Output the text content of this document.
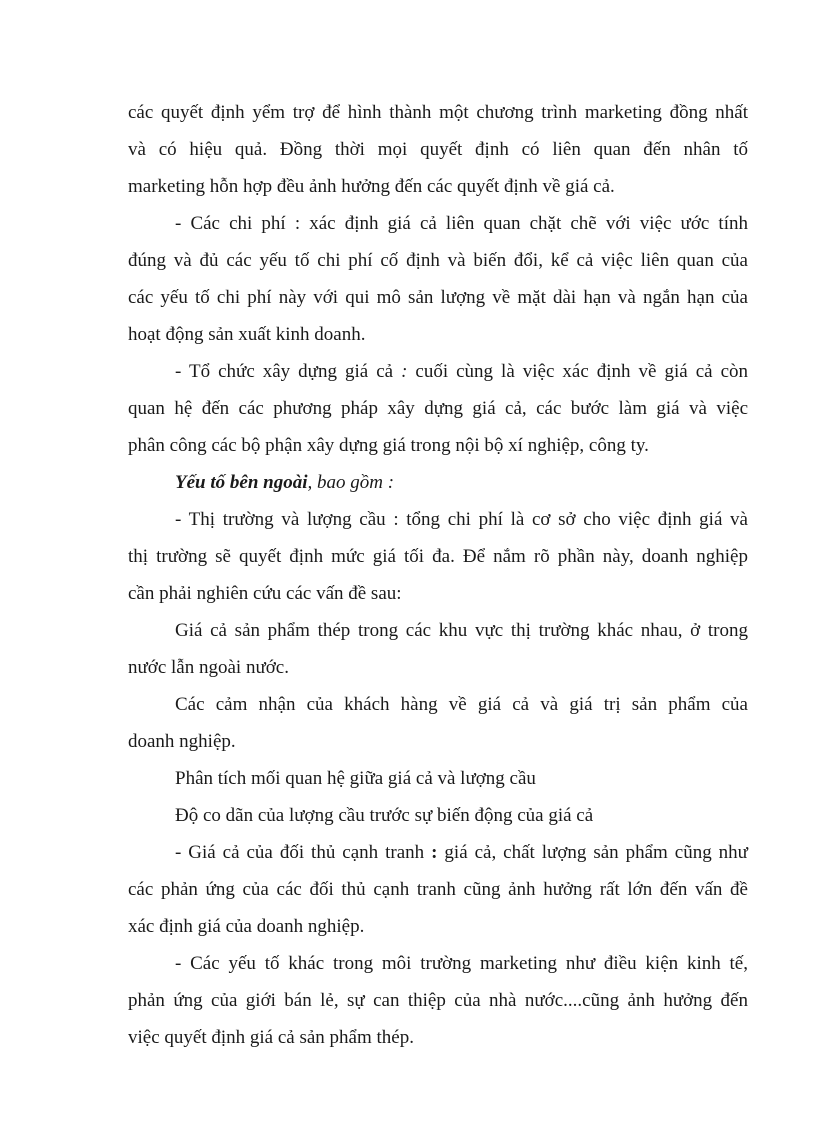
các quyết định yểm trợ để hình thành một chương trình marketing đồng nhất
và có hiệu quả. Đồng thời mọi quyết định có liên quan đến nhân tố
marketing hỗn hợp đều ảnh hưởng đến các quyết định về giá cả.
- Các chi phí : xác định giá cả liên quan chặt chẽ với việc ước tính
đúng và đủ các yếu tố chi phí cố định và biến đổi, kể cả việc liên quan của
các yếu tố chi phí này với qui mô sản lượng về mặt dài hạn và ngắn hạn của
hoạt động sản xuất kinh doanh.
- Tổ chức xây dựng giá cả : cuối cùng là việc xác định về giá cả còn
quan hệ đến các phương pháp xây dựng giá cả, các bước làm giá và việc
phân công các bộ phận xây dựng giá trong nội bộ xí nghiệp, công ty.
Yếu tố bên ngoài, bao gồm :
- Thị trường và lượng cầu : tổng chi phí là cơ sở cho việc định giá và
thị trường sẽ quyết định mức giá tối đa. Để nắm rõ phần này, doanh nghiệp
cần phải nghiên cứu các vấn đề sau:
Giá cả sản phẩm thép trong các khu vực thị trường khác nhau, ở trong
nước lẫn ngoài nước.
Các cảm nhận của khách hàng về giá cả và giá trị sản phẩm của
doanh nghiệp.
Phân tích mối quan hệ giữa giá cả và lượng cầu
Độ co dãn của lượng cầu trước sự biến động của giá cả
- Giá cả của đối thủ cạnh tranh : giá cả, chất lượng sản phẩm cũng như
các phản ứng của các đối thủ cạnh tranh cũng ảnh hưởng rất lớn đến vấn đề
xác định giá của doanh nghiệp.
- Các yếu tố khác trong môi trường marketing như điều kiện kinh tế,
phản ứng của giới bán lẻ, sự can thiệp của nhà nước....cũng ảnh hưởng đến
việc quyết định giá cả sản phẩm thép.
